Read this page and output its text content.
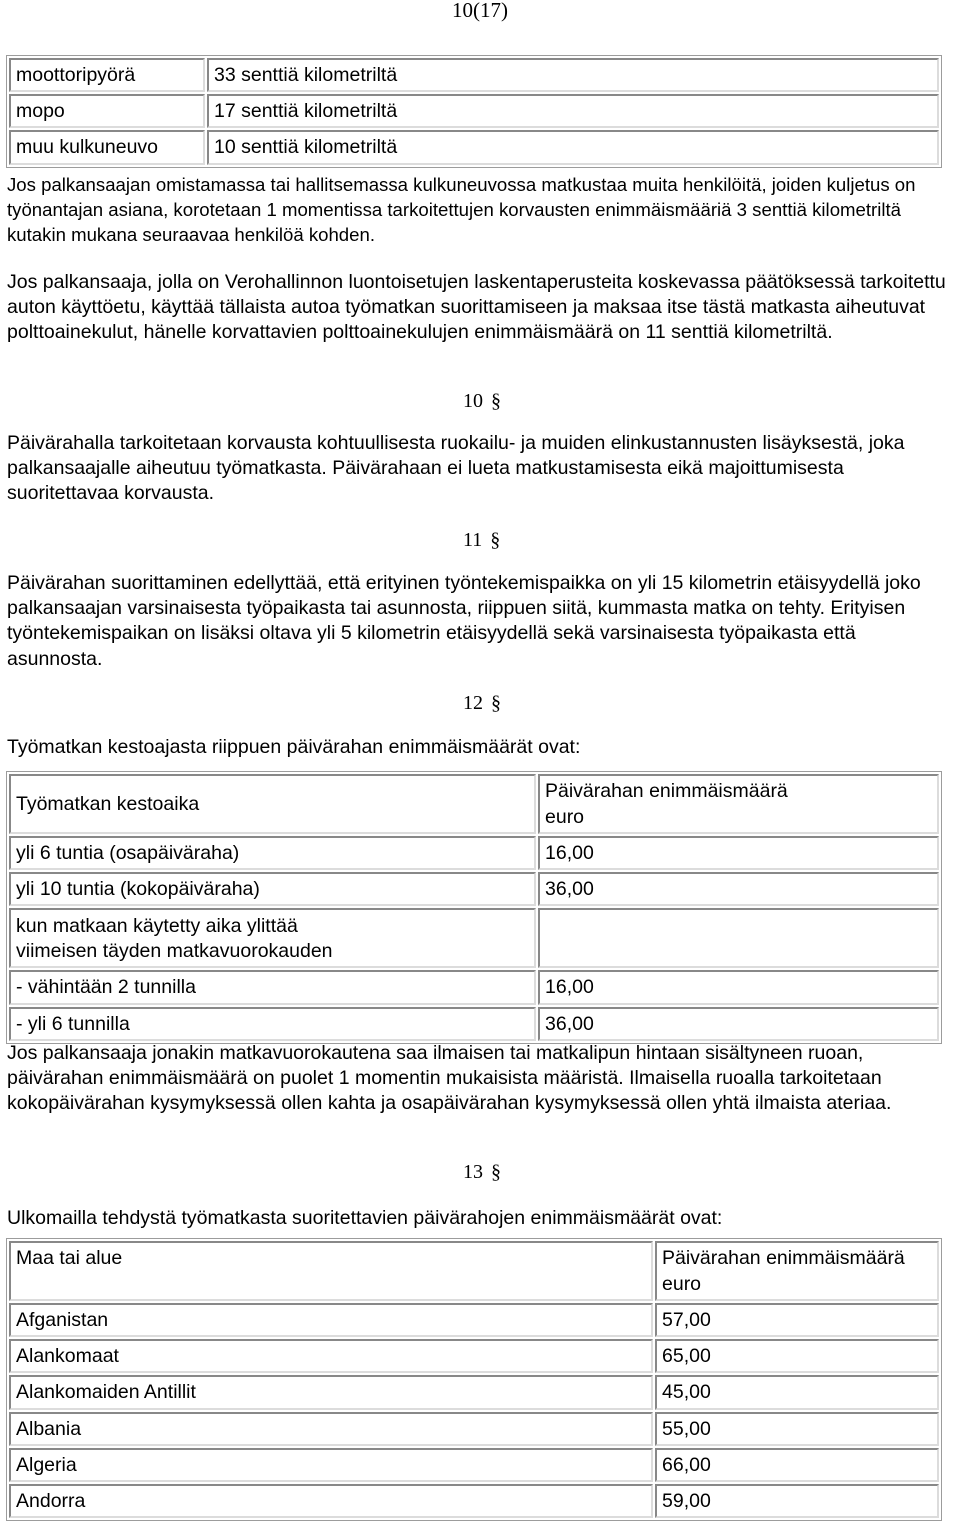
10(17)
moottoripyörä	33 senttiä kilometriltä
mopo	17 senttiä kilometriltä
muu kulkuneuvo	10 senttiä kilometriltä

Jos palkansaajan omistamassa tai hallitsemassa kulkuneuvossa matkustaa muita henkilöitä, joiden kuljetus on työnantajan asiana, korotetaan 1 momentissa tarkoitettujen korvausten enimmäismääriä 3 senttiä kilometriltä kutakin mukana seuraavaa henkilöä kohden.

Jos palkansaaja, jolla on Verohallinnon luontoisetujen laskentaperusteita koskevassa päätöksessä tarkoitettu auton käyttöetu, käyttää tällaista autoa työmatkan suorittamiseen ja maksaa itse tästä matkasta aiheutuvat polttoainekulut, hänelle korvattavien polttoainekulujen enimmäismäärä on 11 senttiä kilometriltä.

10 §

Päivärahalla tarkoitetaan korvausta kohtuullisesta ruokailu- ja muiden elinkustannusten lisäyksestä, joka palkansaajalle aiheutuu työmatkasta. Päivärahaan ei lueta matkustamisesta eikä majoittumisesta suoritettavaa korvausta.

11 §

Päivärahan suorittaminen edellyttää, että erityinen työntekemispaikka on yli 15 kilometrin etäisyydellä joko palkansaajan varsinaisesta työpaikasta tai asunnosta, riippuen siitä, kummasta matka on tehty. Erityisen työntekemispaikan on lisäksi oltava yli 5 kilometrin etäisyydellä sekä varsinaisesta työpaikasta että asunnosta.

12 §

Työmatkan kestoajasta riippuen päivärahan enimmäismäärät ovat:

Työmatkan kestoaika	Päivärahan enimmäismäärä euro
yli 6 tuntia (osapäiväraha)	16,00
yli 10 tuntia (kokopäiväraha)	36,00
kun matkaan käytetty aika ylittää viimeisen täyden matkavuorokauden	
- vähintään 2 tunnilla	16,00
- yli 6 tunnilla	36,00

Jos palkansaaja jonakin matkavuorokautena saa ilmaisen tai matkalipun hintaan sisältyneen ruoan, päivärahan enimmäismäärä on puolet 1 momentin mukaisista määristä. Ilmaisella ruoalla tarkoitetaan kokopäivärahan kysymyksessä ollen kahta ja osapäivärahan kysymyksessä ollen yhtä ilmaista ateriaa.

13 §

Ulkomailla tehdystä työmatkasta suoritettavien päivärahojen enimmäismäärät ovat:

Maa tai alue	Päivärahan enimmäismäärä euro
Afganistan	57,00
Alankomaat	65,00
Alankomaiden Antillit	45,00
Albania	55,00
Algeria	66,00
Andorra	59,00
